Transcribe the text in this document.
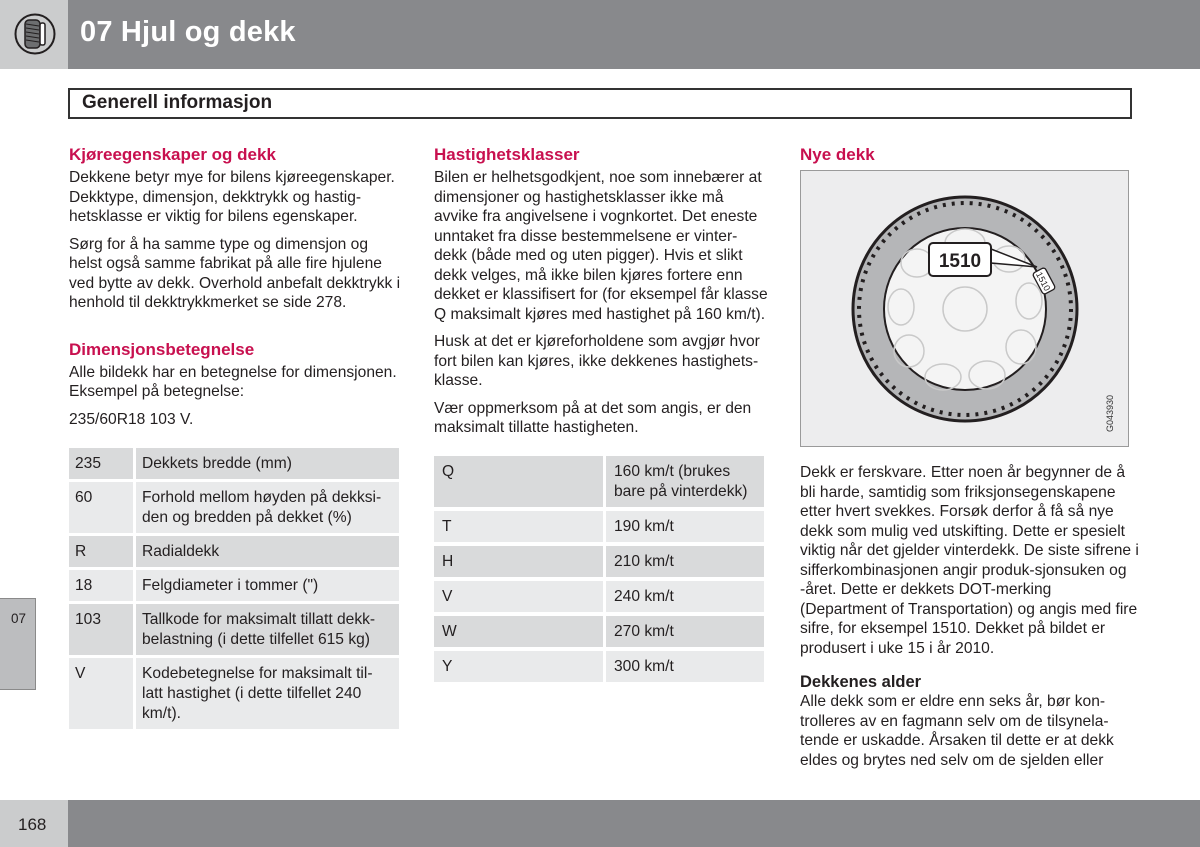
07 Hjul og dekk
Generell informasjon
Kjøreegenskaper og dekk

Dekkene betyr mye for bilens kjøreegenskaper. Dekktype, dimensjon, dekktrykk og hastig-hetsklasse er viktig for bilens egenskaper.

Sørg for å ha samme type og dimensjon og helst også samme fabrikat på alle fire hjulene ved bytte av dekk. Overhold anbefalt dekktrykk i henhold til dekktrykkmerket se side 278.

Dimensjonsbetegnelse

Alle bildekk har en betegnelse for dimensjonen. Eksempel på betegnelse:

235/60R18 103 V.

235	Dekkets bredde (mm)
60	Forhold mellom høyden på dekksi-den og bredden på dekket (%)
R	Radialdekk
18	Felgdiameter i tommer (")
103	Tallkode for maksimalt tillatt dekk-belastning (i dette tilfellet 615 kg)
V	Kodebetegnelse for maksimalt til-latt hastighet (i dette tilfellet 240 km/t).
Hastighetsklasser

Bilen er helhetsgodkjent, noe som innebærer at dimensjoner og hastighetsklasser ikke må avvike fra angivelsene i vognkortet. Det eneste unntaket fra disse bestemmelsene er vinter-dekk (både med og uten pigger). Hvis et slikt dekk velges, må ikke bilen kjøres fortere enn dekket er klassifisert for (for eksempel får klasse Q maksimalt kjøres med hastighet på 160 km/t).

Husk at det er kjøreforholdene som avgjør hvor fort bilen kan kjøres, ikke dekkenes hastighets-klasse.

Vær oppmerksom på at det som angis, er den maksimalt tillatte hastigheten.

Q	160 km/t (brukes bare på vinterdekk)
T	190 km/t
H	210 km/t
V	240 km/t
W	270 km/t
Y	300 km/t
Nye dekk
1510
1510
G043930

Dekk er ferskvare. Etter noen år begynner de å bli harde, samtidig som friksjonsegenskapene etter hvert svekkes. Forsøk derfor å få så nye dekk som mulig ved utskifting. Dette er spesielt viktig når det gjelder vinterdekk. De siste sifrene i sifferkombinasjonen angir produk-sjonsuken og -året. Dette er dekkets DOT-merking (Department of Transportation) og angis med fire sifre, for eksempel 1510. Dekket på bildet er produsert i uke 15 i år 2010.

Dekkenes alder

Alle dekk som er eldre enn seks år, bør kon-trolleres av en fagmann selv om de tilsynela-tende er uskadde. Årsaken til dette er at dekk eldes og brytes ned selv om de sjelden eller

07
168
